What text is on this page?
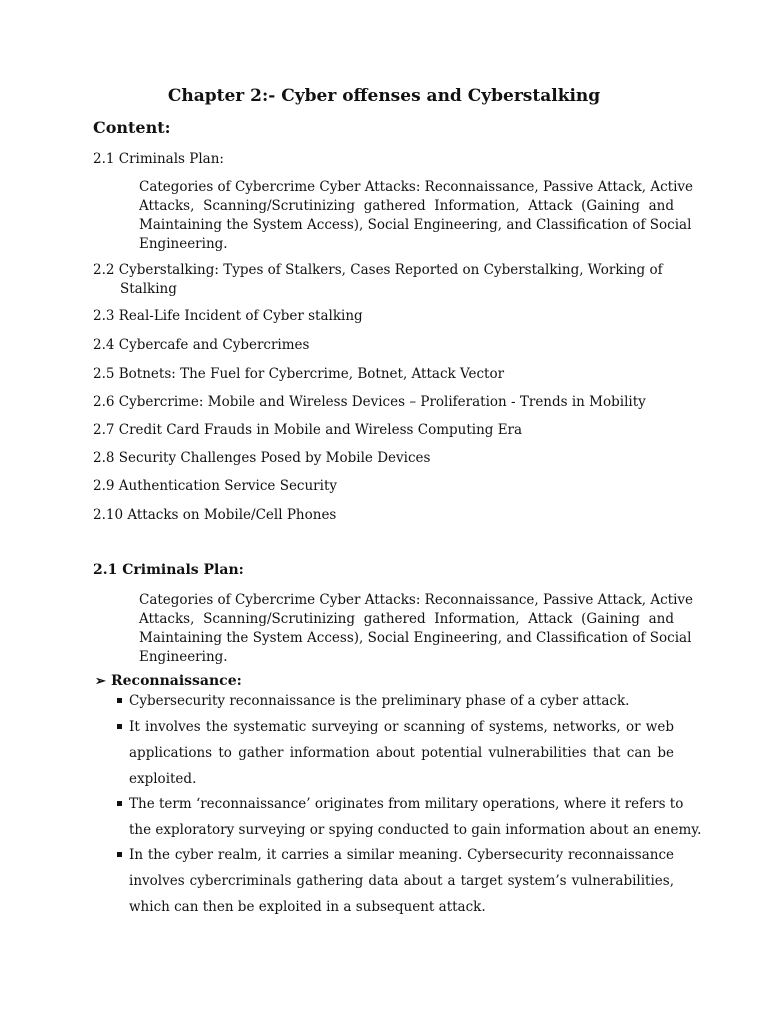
Chapter 2:- Cyber offenses and Cyberstalking
Content:
2.1 Criminals Plan:
Categories of Cybercrime Cyber Attacks: Reconnaissance, Passive Attack, Active
Attacks, Scanning/Scrutinizing gathered Information, Attack (Gaining and
Maintaining the System Access), Social Engineering, and Classification of Social
Engineering.
2.2 Cyberstalking: Types of Stalkers, Cases Reported on Cyberstalking, Working of
Stalking
2.3 Real-Life Incident of Cyber stalking
2.4 Cybercafe and Cybercrimes
2.5 Botnets: The Fuel for Cybercrime, Botnet, Attack Vector
2.6 Cybercrime: Mobile and Wireless Devices – Proliferation - Trends in Mobility
2.7 Credit Card Frauds in Mobile and Wireless Computing Era
2.8 Security Challenges Posed by Mobile Devices
2.9 Authentication Service Security
2.10 Attacks on Mobile/Cell Phones
2.1 Criminals Plan:
Categories of Cybercrime Cyber Attacks: Reconnaissance, Passive Attack, Active
Attacks, Scanning/Scrutinizing gathered Information, Attack (Gaining and
Maintaining the System Access), Social Engineering, and Classification of Social
Engineering.
➢ Reconnaissance:
Cybersecurity reconnaissance is the preliminary phase of a cyber attack.
It involves the systematic surveying or scanning of systems, networks, or web
applications to gather information about potential vulnerabilities that can be
exploited.
The term ‘reconnaissance’ originates from military operations, where it refers to
the exploratory surveying or spying conducted to gain information about an enemy.
In the cyber realm, it carries a similar meaning. Cybersecurity reconnaissance
involves cybercriminals gathering data about a target system’s vulnerabilities,
which can then be exploited in a subsequent attack.
